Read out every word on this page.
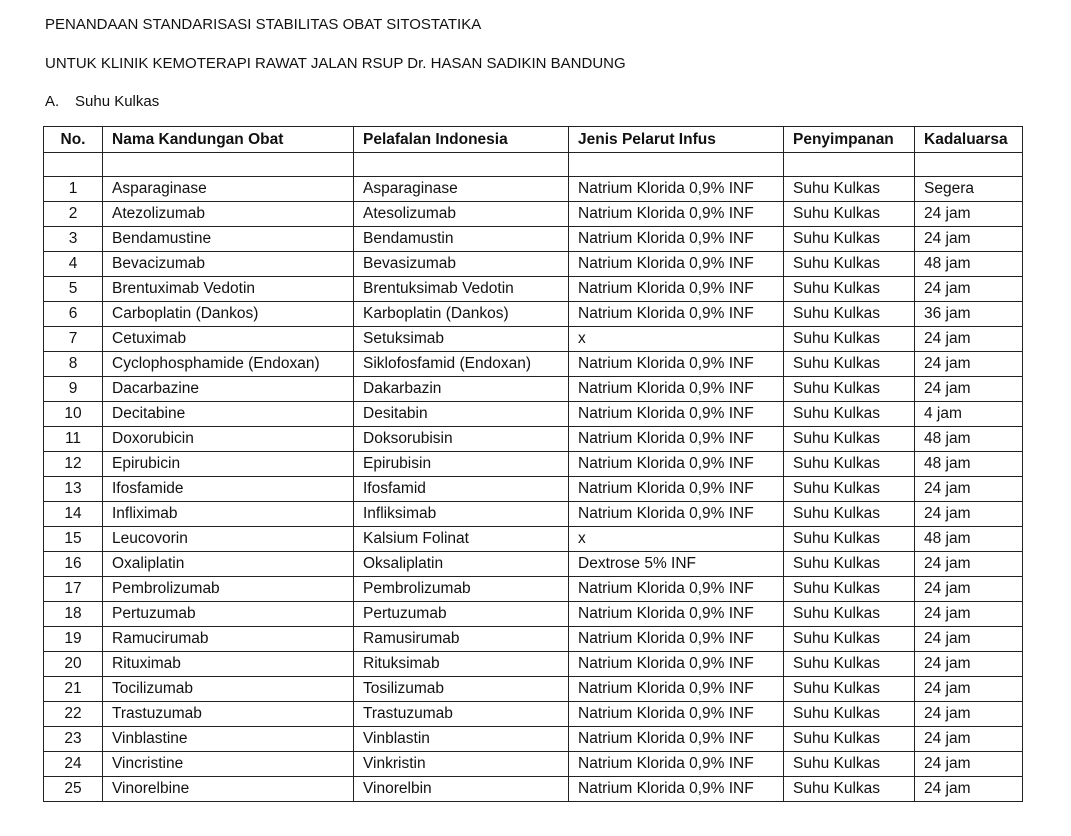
PENANDAAN STANDARISASI STABILITAS OBAT SITOSTATIKA
UNTUK KLINIK KEMOTERAPI RAWAT JALAN RSUP Dr. HASAN SADIKIN BANDUNG
A. Suhu Kulkas
No.	Nama Kandungan Obat	Pelafalan Indonesia	Jenis Pelarut Infus	Penyimpanan	Kadaluarsa

1	Asparaginase	Asparaginase	Natrium Klorida 0,9% INF	Suhu Kulkas	Segera
2	Atezolizumab	Atesolizumab	Natrium Klorida 0,9% INF	Suhu Kulkas	24 jam
3	Bendamustine	Bendamustin	Natrium Klorida 0,9% INF	Suhu Kulkas	24 jam
4	Bevacizumab	Bevasizumab	Natrium Klorida 0,9% INF	Suhu Kulkas	48 jam
5	Brentuximab Vedotin	Brentuksimab Vedotin	Natrium Klorida 0,9% INF	Suhu Kulkas	24 jam
6	Carboplatin (Dankos)	Karboplatin (Dankos)	Natrium Klorida 0,9% INF	Suhu Kulkas	36 jam
7	Cetuximab	Setuksimab	x	Suhu Kulkas	24 jam
8	Cyclophosphamide (Endoxan)	Siklofosfamid (Endoxan)	Natrium Klorida 0,9% INF	Suhu Kulkas	24 jam
9	Dacarbazine	Dakarbazin	Natrium Klorida 0,9% INF	Suhu Kulkas	24 jam
10	Decitabine	Desitabin	Natrium Klorida 0,9% INF	Suhu Kulkas	4 jam
11	Doxorubicin	Doksorubisin	Natrium Klorida 0,9% INF	Suhu Kulkas	48 jam
12	Epirubicin	Epirubisin	Natrium Klorida 0,9% INF	Suhu Kulkas	48 jam
13	Ifosfamide	Ifosfamid	Natrium Klorida 0,9% INF	Suhu Kulkas	24 jam
14	Infliximab	Infliksimab	Natrium Klorida 0,9% INF	Suhu Kulkas	24 jam
15	Leucovorin	Kalsium Folinat	x	Suhu Kulkas	48 jam
16	Oxaliplatin	Oksaliplatin	Dextrose 5% INF	Suhu Kulkas	24 jam
17	Pembrolizumab	Pembrolizumab	Natrium Klorida 0,9% INF	Suhu Kulkas	24 jam
18	Pertuzumab	Pertuzumab	Natrium Klorida 0,9% INF	Suhu Kulkas	24 jam
19	Ramucirumab	Ramusirumab	Natrium Klorida 0,9% INF	Suhu Kulkas	24 jam
20	Rituximab	Rituksimab	Natrium Klorida 0,9% INF	Suhu Kulkas	24 jam
21	Tocilizumab	Tosilizumab	Natrium Klorida 0,9% INF	Suhu Kulkas	24 jam
22	Trastuzumab	Trastuzumab	Natrium Klorida 0,9% INF	Suhu Kulkas	24 jam
23	Vinblastine	Vinblastin	Natrium Klorida 0,9% INF	Suhu Kulkas	24 jam
24	Vincristine	Vinkristin	Natrium Klorida 0,9% INF	Suhu Kulkas	24 jam
25	Vinorelbine	Vinorelbin	Natrium Klorida 0,9% INF	Suhu Kulkas	24 jam
